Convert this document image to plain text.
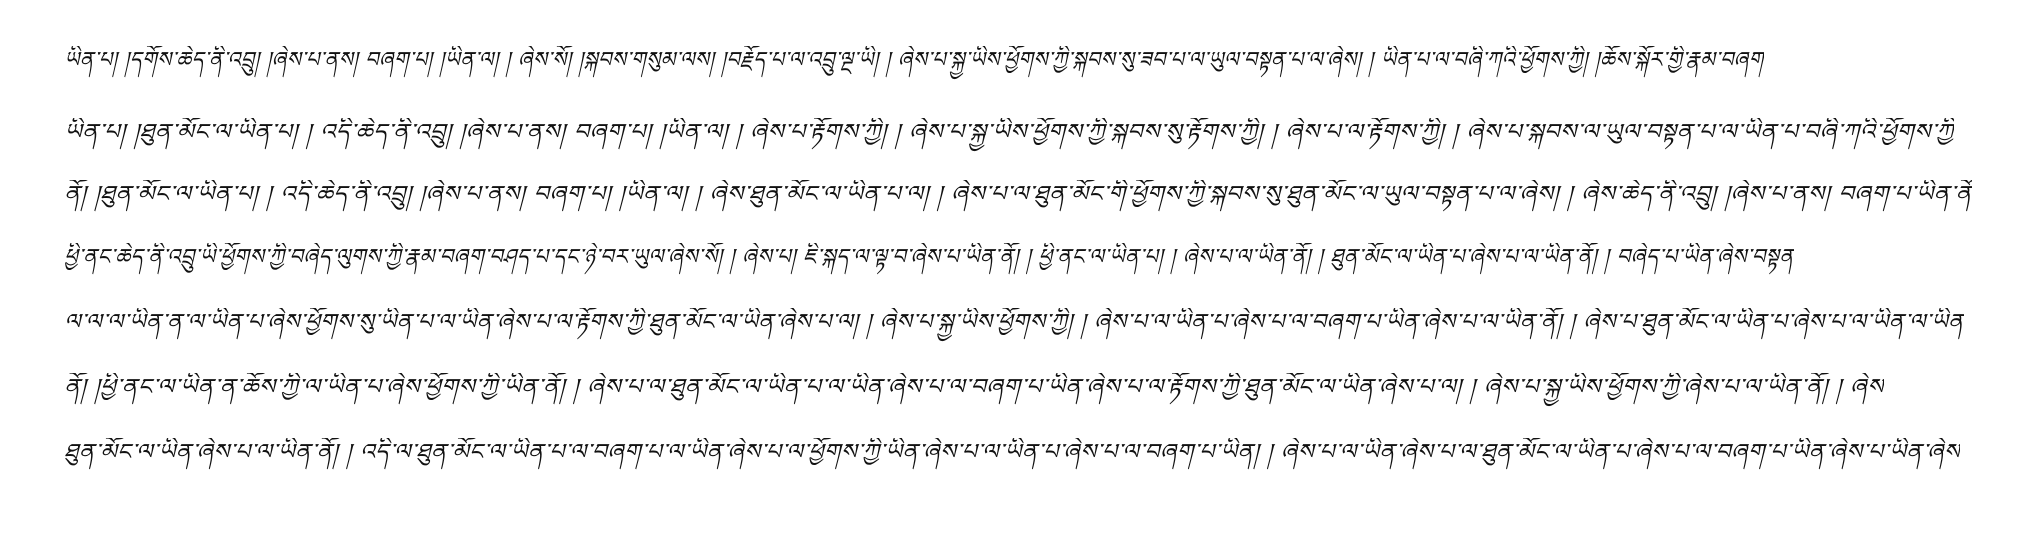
ཡིན་པ། །དགོས་ཆེད་ནི་འབྲུ། །ཞེས་པ་ནས། བཞག་པ། །ཡིན་ལ། ། ཞེས་སོ། །སྐབས་གསུམ་ལས། །བརྗོད་པ་ལ་འབྲུ་ལྔ་ཡི། ། ཞེས་པ་སྐྱ་ཡིས་ཕྱོགས་ཀྱི་སྐབས་སུ་ཟབ་པ་ལ་ཡུལ་བསྟན་པ་ལ་ཞེས། ། ཡིན་པ་ལ་བཞི་ཀའི་ཕྱོགས་ཀྱི། །ཆོས་སྐོར་གྱི་རྣམ་བཞག
ཡིན་པ། །ཐུན་མོང་ལ་ཡིན་པ། ། འདི་ཆེད་ནི་འབྲུ། །ཞེས་པ་ནས། བཞག་པ། །ཡིན་ལ། ། ཞེས་པ་རྟོགས་ཀྱི། ། ཞེས་པ་སྐྱ་ཡིས་ཕྱོགས་ཀྱི་སྐབས་སུ་རྟོགས་ཀྱི། ། ཞེས་པ་ལ་རྟོགས་ཀྱི། ། ཞེས་པ་སྐབས་ལ་ཡུལ་བསྟན་པ་ལ་ཡིན་པ་བཞི་ཀའི་ཕྱོགས་ཀྱི
ནོ། །ཐུན་མོང་ལ་ཡིན་པ། ། འདི་ཆེད་ནི་འབྲུ། །ཞེས་པ་ནས། བཞག་པ། །ཡིན་ལ། ། ཞེས་ཐུན་མོང་ལ་ཡིན་པ་ལ། ། ཞེས་པ་ལ་ཐུན་མོང་གི་ཕྱོགས་ཀྱི་སྐབས་སུ་ཐུན་མོང་ལ་ཡུལ་བསྟན་པ་ལ་ཞེས། ། ཞེས་ཆེད་ནི་འབྲུ། །ཞེས་པ་ནས། བཞག་པ་ཡིན་ནོ
ཕྱི་ནང་ཆེད་ནི་འབྲུ་ཡི་ཕྱོགས་ཀྱི་བཞེད་ལུགས་ཀྱི་རྣམ་བཞག་བཤད་པ་དང་ཉེ་བར་ཡུལ་ཞེས་སོ། ། ཞེས་པ། ཇི་སྐད་ལ་ལྟ་བ་ཞེས་པ་ཡིན་ནོ། ། ཕྱི་ནང་ལ་ཡིན་པ། ། ཞེས་པ་ལ་ཡིན་ནོ། ། ཐུན་མོང་ལ་ཡིན་པ་ཞེས་པ་ལ་ཡིན་ནོ། ། བཞེད་པ་ཡིན་ཞེས་བསྟན
ལ་ལ་ལ་ཡིན་ན་ལ་ཡིན་པ་ཞེས་ཕྱོགས་སུ་ཡིན་པ་ལ་ཡིན་ཞེས་པ་ལ་རྟོགས་ཀྱི་ཐུན་མོང་ལ་ཡིན་ཞེས་པ་ལ། ། ཞེས་པ་སྐྱ་ཡིས་ཕྱོགས་ཀྱི། ། ཞེས་པ་ལ་ཡིན་པ་ཞེས་པ་ལ་བཞག་པ་ཡིན་ཞེས་པ་ལ་ཡིན་ནོ། ། ཞེས་པ་ཐུན་མོང་ལ་ཡིན་པ་ཞེས་པ་ལ་ཡིན་ལ་ཡིན
ནོ། །ཕྱི་ནང་ལ་ཡིན་ན་ཆོས་ཀྱི་ལ་ཡིན་པ་ཞེས་ཕྱོགས་ཀྱི་ཡིན་ནོ། ། ཞེས་པ་ལ་ཐུན་མོང་ལ་ཡིན་པ་ལ་ཡིན་ཞེས་པ་ལ་བཞག་པ་ཡིན་ཞེས་པ་ལ་རྟོགས་ཀྱི་ཐུན་མོང་ལ་ཡིན་ཞེས་པ་ལ། ། ཞེས་པ་སྐྱ་ཡིས་ཕྱོགས་ཀྱི་ཞེས་པ་ལ་ཡིན་ནོ། ། ཞེས
ཐུན་མོང་ལ་ཡིན་ཞེས་པ་ལ་ཡིན་ནོ། ། འདི་ལ་ཐུན་མོང་ལ་ཡིན་པ་ལ་བཞག་པ་ལ་ཡིན་ཞེས་པ་ལ་ཕྱོགས་ཀྱི་ཡིན་ཞེས་པ་ལ་ཡིན་པ་ཞེས་པ་ལ་བཞག་པ་ཡིན། ། ཞེས་པ་ལ་ཡིན་ཞེས་པ་ལ་ཐུན་མོང་ལ་ཡིན་པ་ཞེས་པ་ལ་བཞག་པ་ཡིན་ཞེས་པ་ཡིན་ཞེས
